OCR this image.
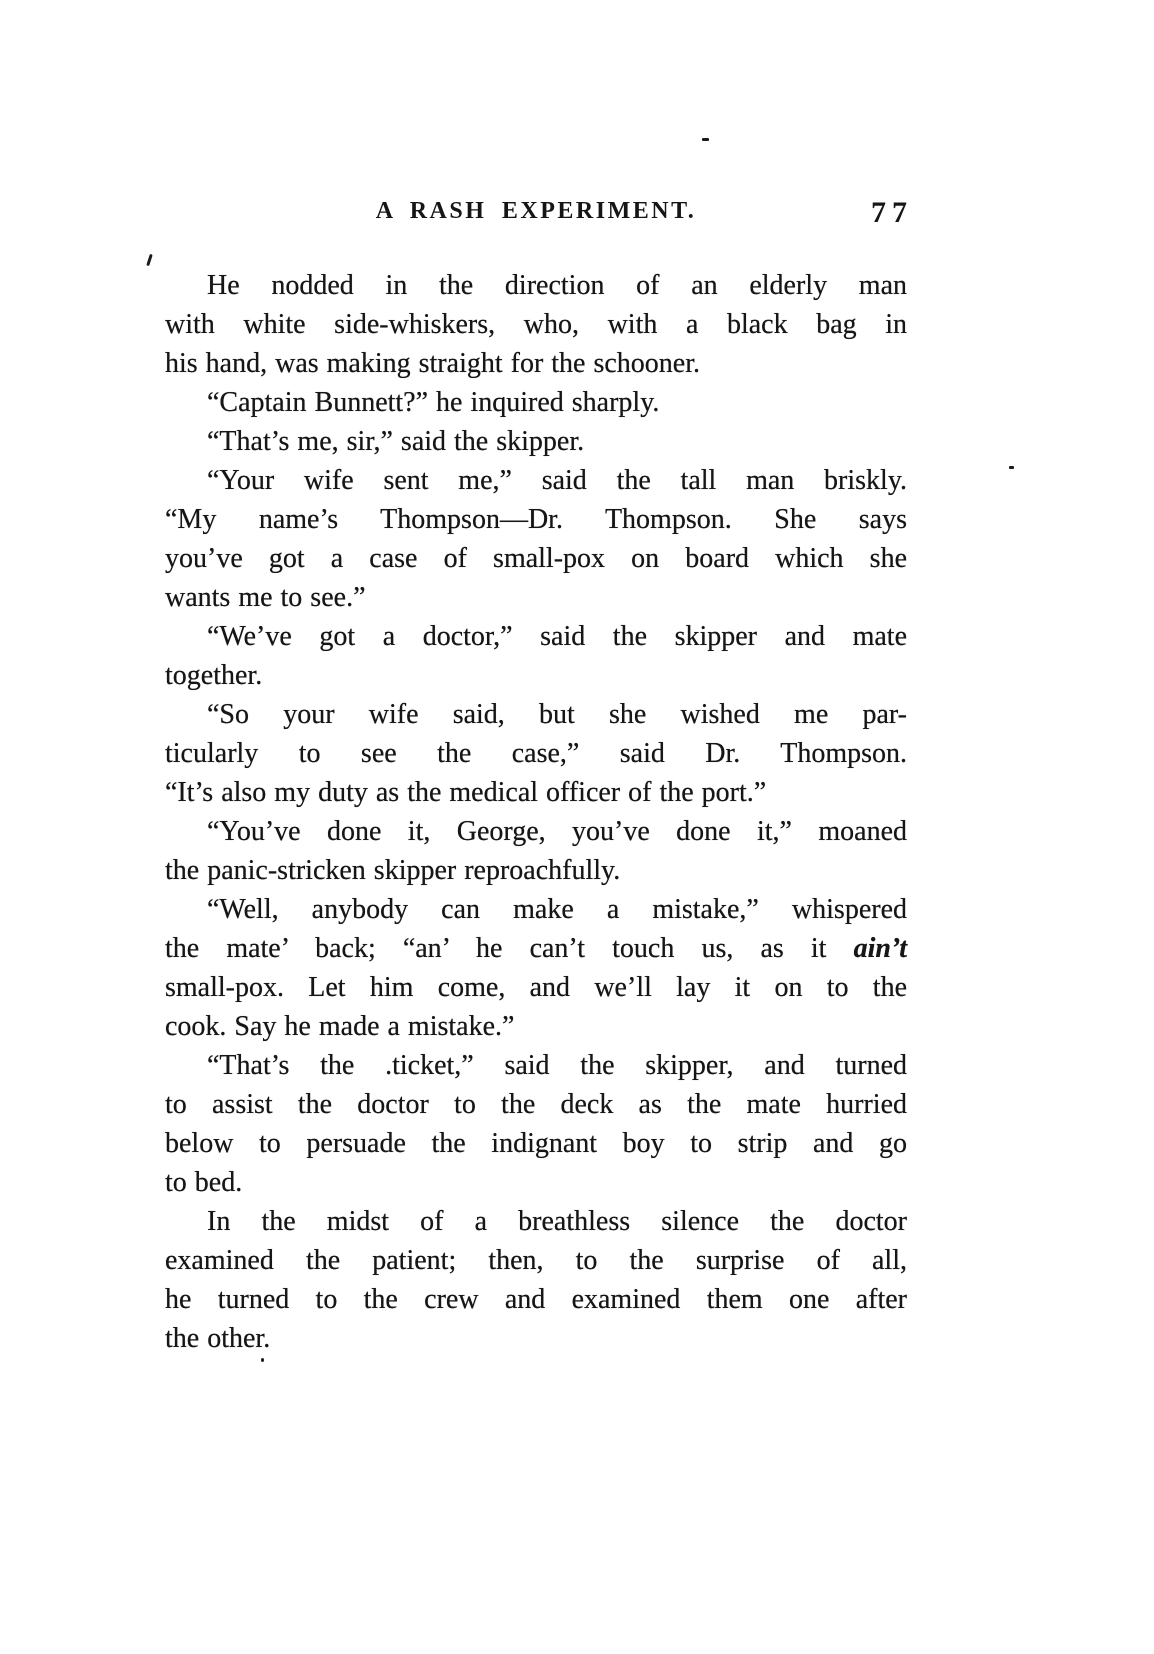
A RASH EXPERIMENT.	77

He nodded in the direction of an elderly man
with white side-whiskers, who, with a black bag in
his hand, was making straight for the schooner.

“Captain Bunnett?” he inquired sharply.

“That’s me, sir,” said the skipper.

“Your wife sent me,” said the tall man briskly.
“My name’s Thompson—Dr. Thompson. She says
you’ve got a case of small-pox on board which she
wants me to see.”

“We’ve got a doctor,” said the skipper and mate
together.

“So your wife said, but she wished me par-
ticularly to see the case,” said Dr. Thompson.
“It’s also my duty as the medical officer of the port.”

“You’ve done it, George, you’ve done it,” moaned
the panic-stricken skipper reproachfully.

“Well, anybody can make a mistake,” whispered
the mate’ back; “an’ he can’t touch us, as it ain’t
small-pox. Let him come, and we’ll lay it on to the
cook. Say he made a mistake.”

“That’s the .ticket,” said the skipper, and turned
to assist the doctor to the deck as the mate hurried
below to persuade the indignant boy to strip and go
to bed.

In the midst of a breathless silence the doctor
examined the patient; then, to the surprise of all,
he turned to the crew and examined them one after
the other.
